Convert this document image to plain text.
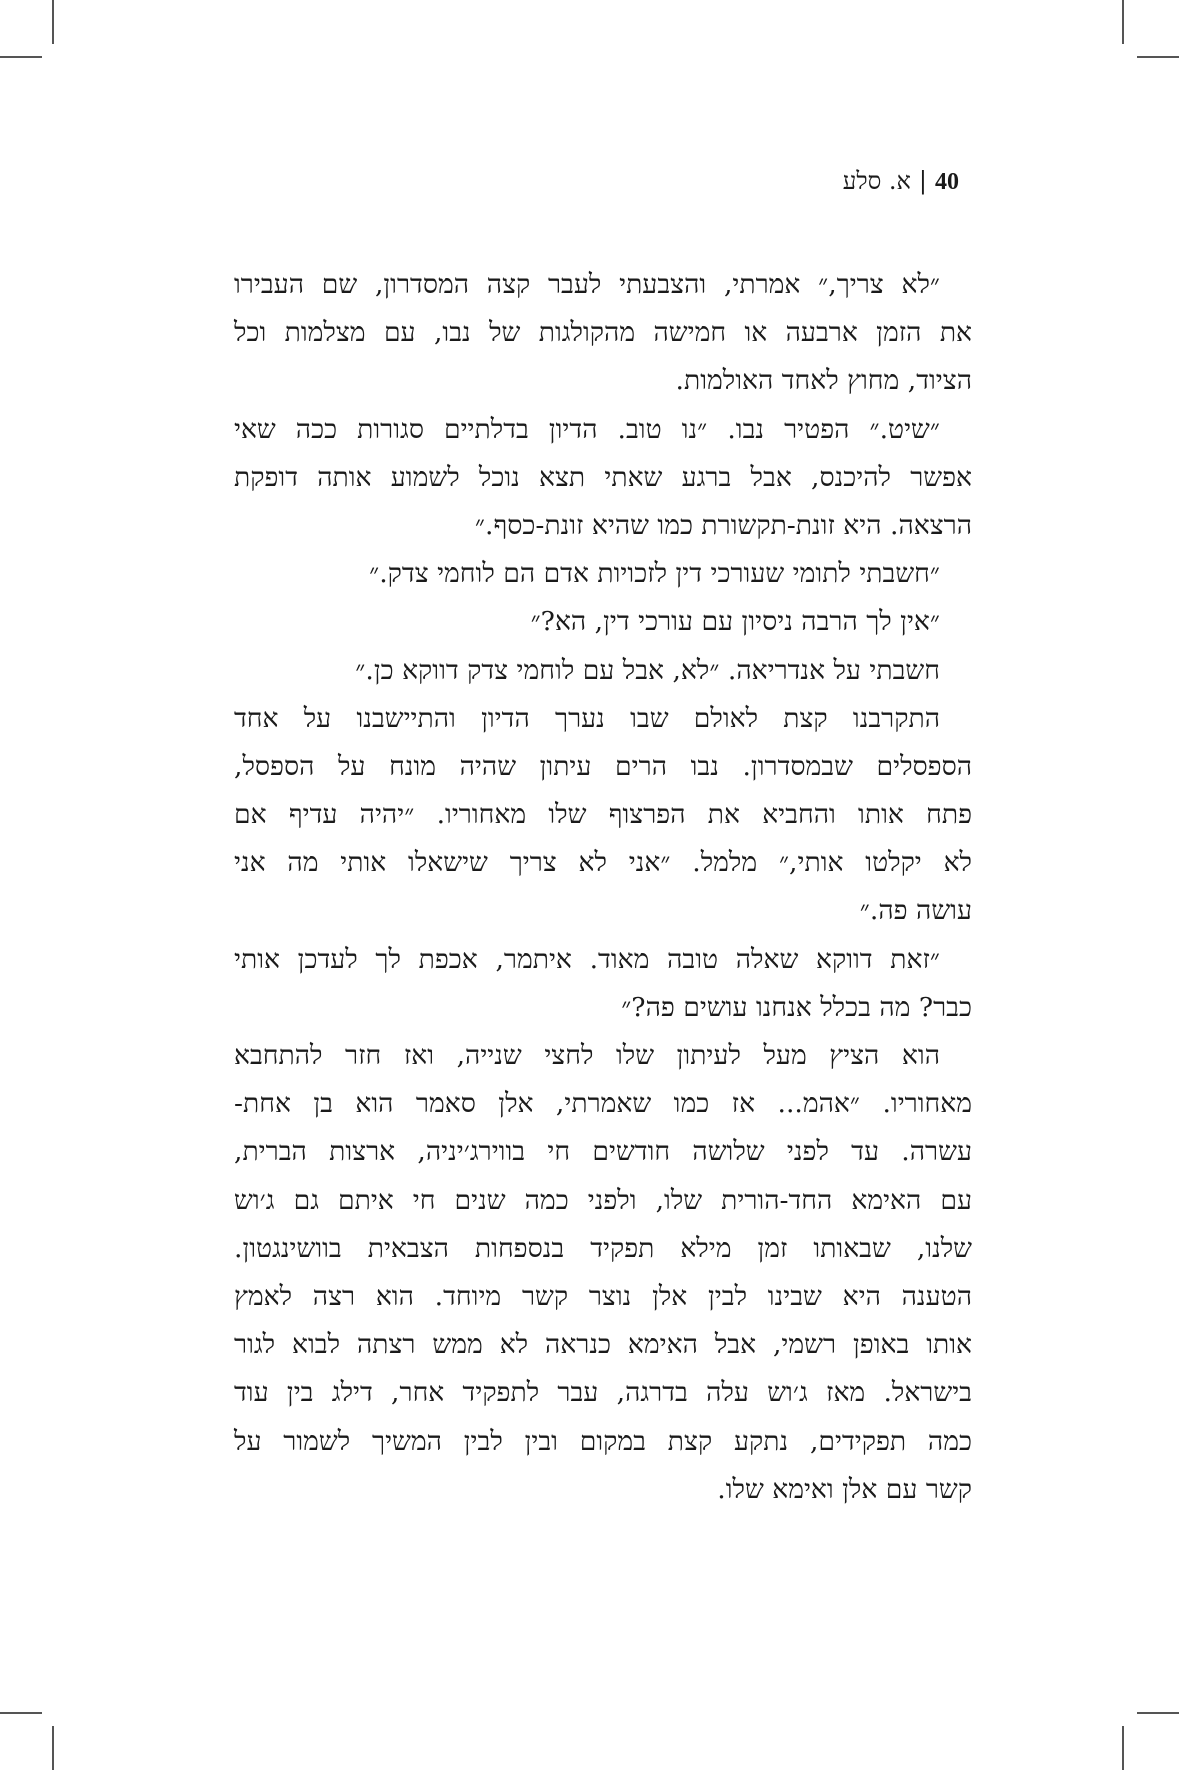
40|א. סלע
״לא צריך,״ אמרתי, והצבעתי לעבר קצה המסדרון, שם העבירו
את הזמן ארבעה או חמישה מהקולגות של נבו, עם מצלמות וכל
הציוד, מחוץ לאחד האולמות.
״שיט.״ הפטיר נבו. ״נו טוב. הדיון בדלתיים סגורות ככה שאי
אפשר להיכנס, אבל ברגע שאתי תצא נוכל לשמוע אותה דופקת
הרצאה. היא זונת-תקשורת כמו שהיא זונת-כסף.״
״חשבתי לתומי שעורכי דין לזכויות אדם הם לוחמי צדק.״
״אין לך הרבה ניסיון עם עורכי דין, הא?״
חשבתי על אנדריאה. ״לא, אבל עם לוחמי צדק דווקא כן.״
התקרבנו קצת לאולם שבו נערך הדיון והתיישבנו על אחד
הספסלים שבמסדרון. נבו הרים עיתון שהיה מונח על הספסל,
פתח אותו והחביא את הפרצוף שלו מאחוריו. ״יהיה עדיף אם
לא יקלטו אותי,״ מלמל. ״אני לא צריך שישאלו אותי מה אני
עושה פה.״
״זאת דווקא שאלה טובה מאוד. איתמר, אכפת לך לעדכן אותי
כבר? מה בכלל אנחנו עושים פה?״
הוא הציץ מעל לעיתון שלו לחצי שנייה, ואז חזר להתחבא
מאחוריו. ״אהמ... אז כמו שאמרתי, אלן סאמר הוא בן אחת-
עשרה. עד לפני שלושה חודשים חי בווירג׳יניה, ארצות הברית,
עם האימא החד-הורית שלו, ולפני כמה שנים חי איתם גם ג׳וש
שלנו, שבאותו זמן מילא תפקיד בנספחות הצבאית בוושינגטון.
הטענה היא שבינו לבין אלן נוצר קשר מיוחד. הוא רצה לאמץ
אותו באופן רשמי, אבל האימא כנראה לא ממש רצתה לבוא לגור
בישראל. מאז ג׳וש עלה בדרגה, עבר לתפקיד אחר, דילג בין עוד
כמה תפקידים, נתקע קצת במקום ובין לבין המשיך לשמור על
קשר עם אלן ואימא שלו.
